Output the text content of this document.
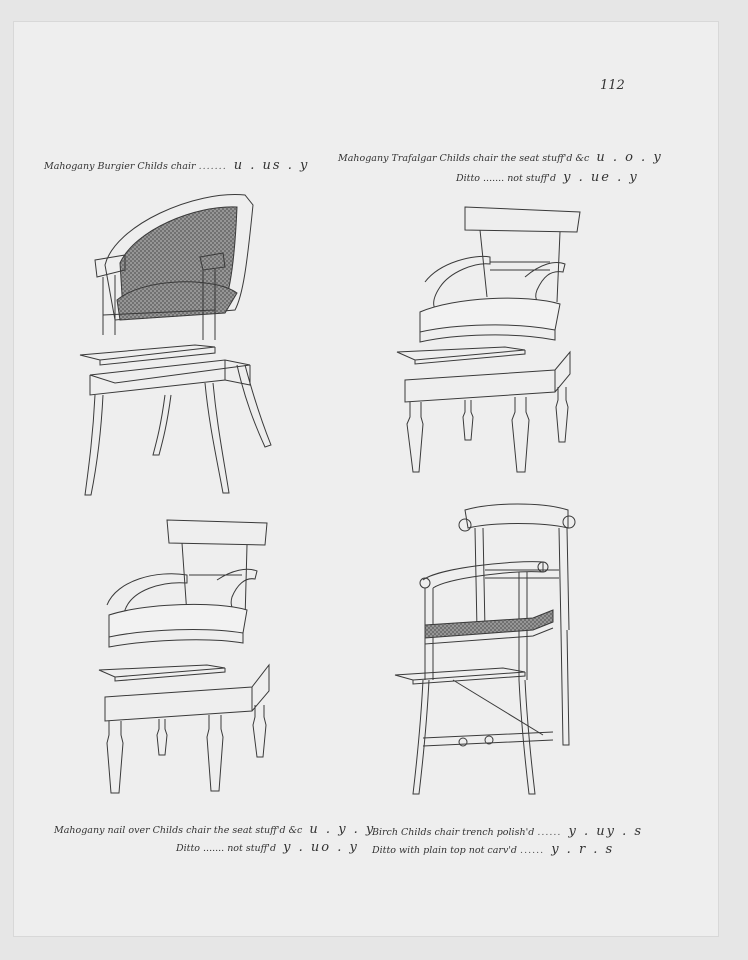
112
Mahogany Burgier Childs chair ....... u . us . y	Mahogany Trafalgar Childs chair the seat stuff'd &c u . o . y
Ditto ....... not stuff'd y . ue . y
Mahogany nail over Childs chair the seat stuff'd &c u . y . y
Ditto ....... not stuff'd y . uo . y
Birch Childs chair trench polish'd ...... y . uy . s
Ditto with plain top not carv'd ...... y . r . s
